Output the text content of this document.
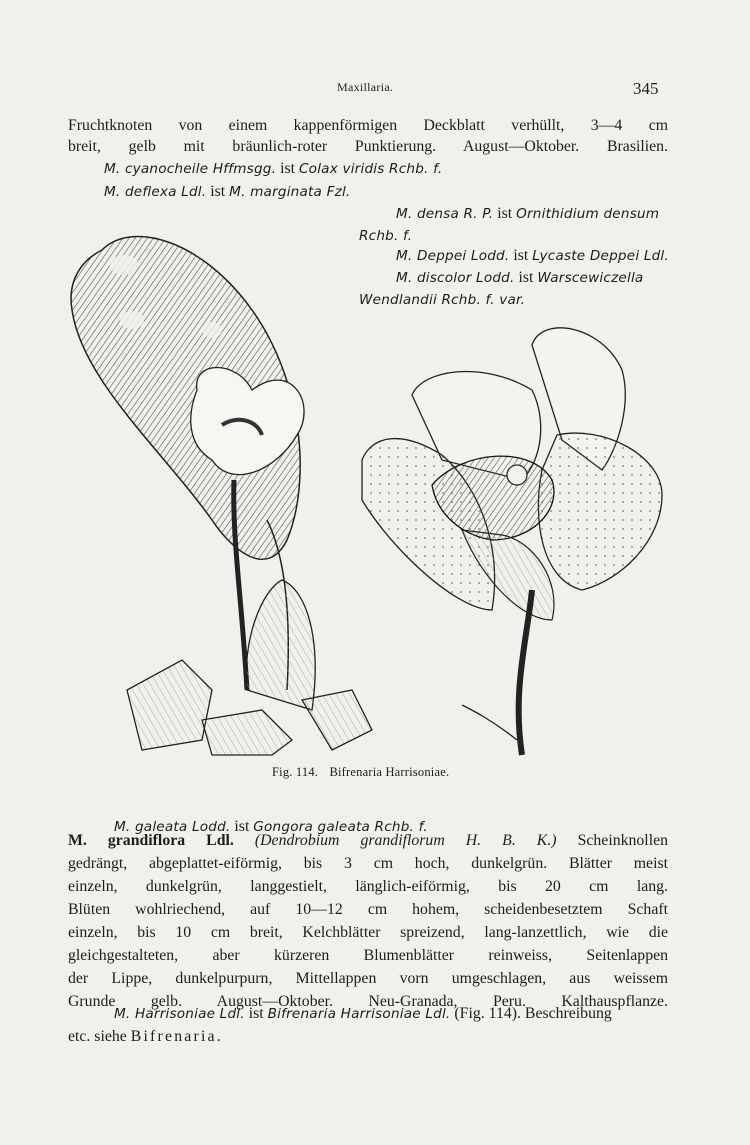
Maxillaria.	345
Fruchtknoten von einem kappenförmigen Deckblatt verhüllt, 3—4 cm
breit, gelb mit bräunlich-roter Punktierung. August—Oktober. Brasilien.
M. cyanocheile Hffmsgg. ist Colax viridis Rchb. f.
M. deflexa Ldl. ist M. marginata Fzl.
M. densa R. P. ist Ornithidium densum
Rchb. f.
M. Deppei Lodd. ist Lycaste Deppei Ldl.
M. discolor Lodd. ist Warscewiczella
Wendlandii Rchb. f. var.
Fig. 114. Bifrenaria Harrisoniae.
M. galeata Lodd. ist Gongora galeata Rchb. f.
M. grandiflora Ldl. (Dendrobium grandiflorum H. B. K.) Scheinknollen
gedrängt, abgeplattet-eiförmig, bis 3 cm hoch, dunkelgrün. Blätter meist
einzeln, dunkelgrün, langgestielt, länglich-eiförmig, bis 20 cm lang.
Blüten wohlriechend, auf 10—12 cm hohem, scheidenbesetztem Schaft
einzeln, bis 10 cm breit, Kelchblätter spreizend, lang-lanzettlich, wie die
gleichgestalteten, aber kürzeren Blumenblätter reinweiss, Seitenlappen
der Lippe, dunkelpurpurn, Mittellappen vorn umgeschlagen, aus weissem
Grunde gelb. August—Oktober. Neu-Granada, Peru. Kalthauspflanze.
M. Harrisoniae Ldl. ist Bifrenaria Harrisoniae Ldl. (Fig. 114). Beschreibung
etc. siehe Bifrenaria.
